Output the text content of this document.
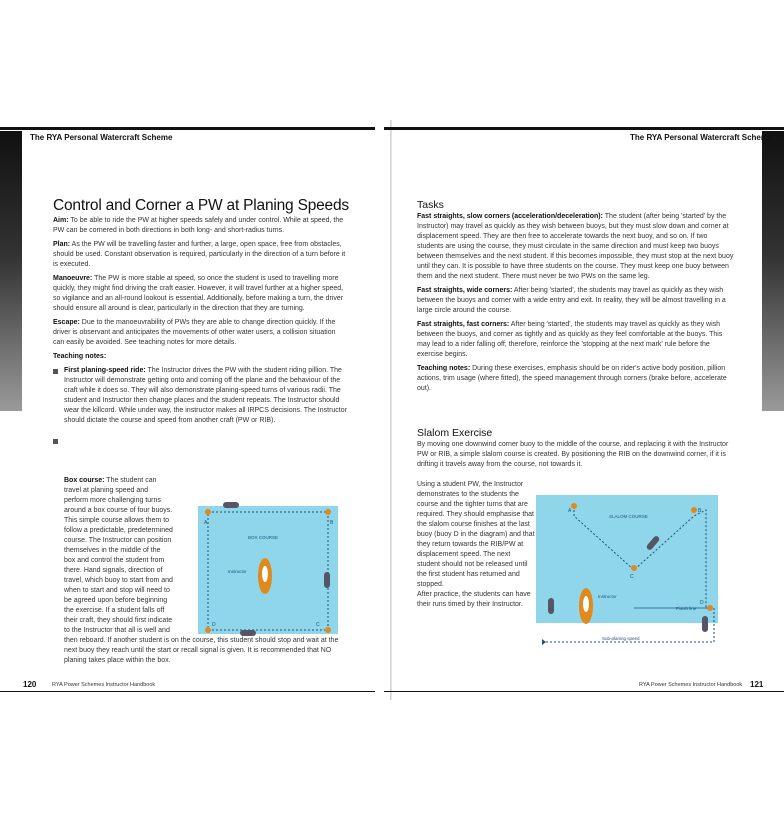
The RYA Personal Watercraft Scheme
Control and Corner a PW at Planing Speeds

Aim: To be able to ride the PW at higher speeds safely and under control. While at speed, the PW can be cornered in both directions in both long- and short-radius turns.

Plan: As the PW will be travelling faster and further, a large, open space, free from obstacles, should be used. Constant observation is required, particularly in the direction of a turn before it is executed.

Manoeuvre: The PW is more stable at speed, so once the student is used to travelling more quickly, they might find driving the craft easier. However, it will travel further at a higher speed, so vigilance and an all-round lookout is essential. Additionally, before making a turn, the driver should ensure all around is clear, particularly in the direction that they are turning.

Escape: Due to the manoeuvrability of PWs they are able to change direction quickly. If the driver is observant and anticipates the movements of other water users, a collision situation can easily be avoided. See teaching notes for more details.

Teaching notes:

First planing-speed ride: The Instructor drives the PW with the student riding pillion. The Instructor will demonstrate getting onto and coming off the plane and the behaviour of the craft while it does so. They will also demonstrate planing-speed turns of various radii. The student and Instructor then change places and the student repeats. The Instructor should wear the killcord. While under way, the instructor makes all IRPCS decisions. The Instructor should dictate the course and speed from another craft (PW or RIB).
Box course: The student can travel at planing speed and perform more challenging turns around a box course of four buoys. This simple course allows them to follow a predictable, predetermined course. The Instructor can position themselves in the middle of the box and control the student from there. Hand signals, direction of travel, which buoy to start from and when to start and stop will need to be agreed upon before beginning the exercise. If a student falls off their craft, they should first indicate to the Instructor that all is well and then reboard. If another student is on the course, this student should stop and wait at the next buoy they reach until the start or recall signal is given. It is recommended that NO planing takes place within the box.
A	B
C
D
BOX COURSE
Instructor
120	RYA Power Schemes Instructor Handbook
The RYA Personal Watercraft Scheme
Tasks

Fast straights, slow corners (acceleration/deceleration): The student (after being 'started' by the Instructor) may travel as quickly as they wish between buoys, but they must slow down and corner at displacement speed. They are then free to accelerate towards the next buoy, and so on. If two students are using the course, they must circulate in the same direction and must keep two buoys between themselves and the next student. If this becomes impossible, they must stop at the next buoy until they can. It is possible to have three students on the course. They must keep one buoy between them and the next student. There must never be two PWs on the same leg.

Fast straights, wide corners: After being 'started', the students may travel as quickly as they wish between the buoys and corner with a wide entry and exit. In reality, they will be almost travelling in a large circle around the course.

Fast straights, fast corners: After being 'started', the students may travel as quickly as they wish between the buoys, and corner as tightly and as quickly as they feel comfortable at the buoys. This may lead to a rider falling off; therefore, reinforce the 'stopping at the next mark' rule before the exercise begins.

Teaching notes: During these exercises, emphasis should be on rider's active body position, pillion actions, trim usage (where fitted), the speed management through corners (brake before, accelerate out).

Slalom Exercise

By moving one downwind corner buoy to the middle of the course, and replacing it with the Instructor PW or RIB, a simple slalom course is created. By positioning the RIB on the downwind corner, if it is drifting it travels away from the course, not towards it.

Using a student PW, the Instructor demonstrates to the students the course and the tighter turns that are required. They should emphasise that the slalom course finishes at the last buoy (buoy D in the diagram) and that they return towards the RIB/PW at displacement speed. The next student should not be released until the first student has returned and stopped.

After practice, the students can have their runs timed by their Instructor.

A	B
C
D
SLALOM COURSE
Instructor
Finish line
Sub-planing speed
121
RYA Power Schemes Instructor Handbook
